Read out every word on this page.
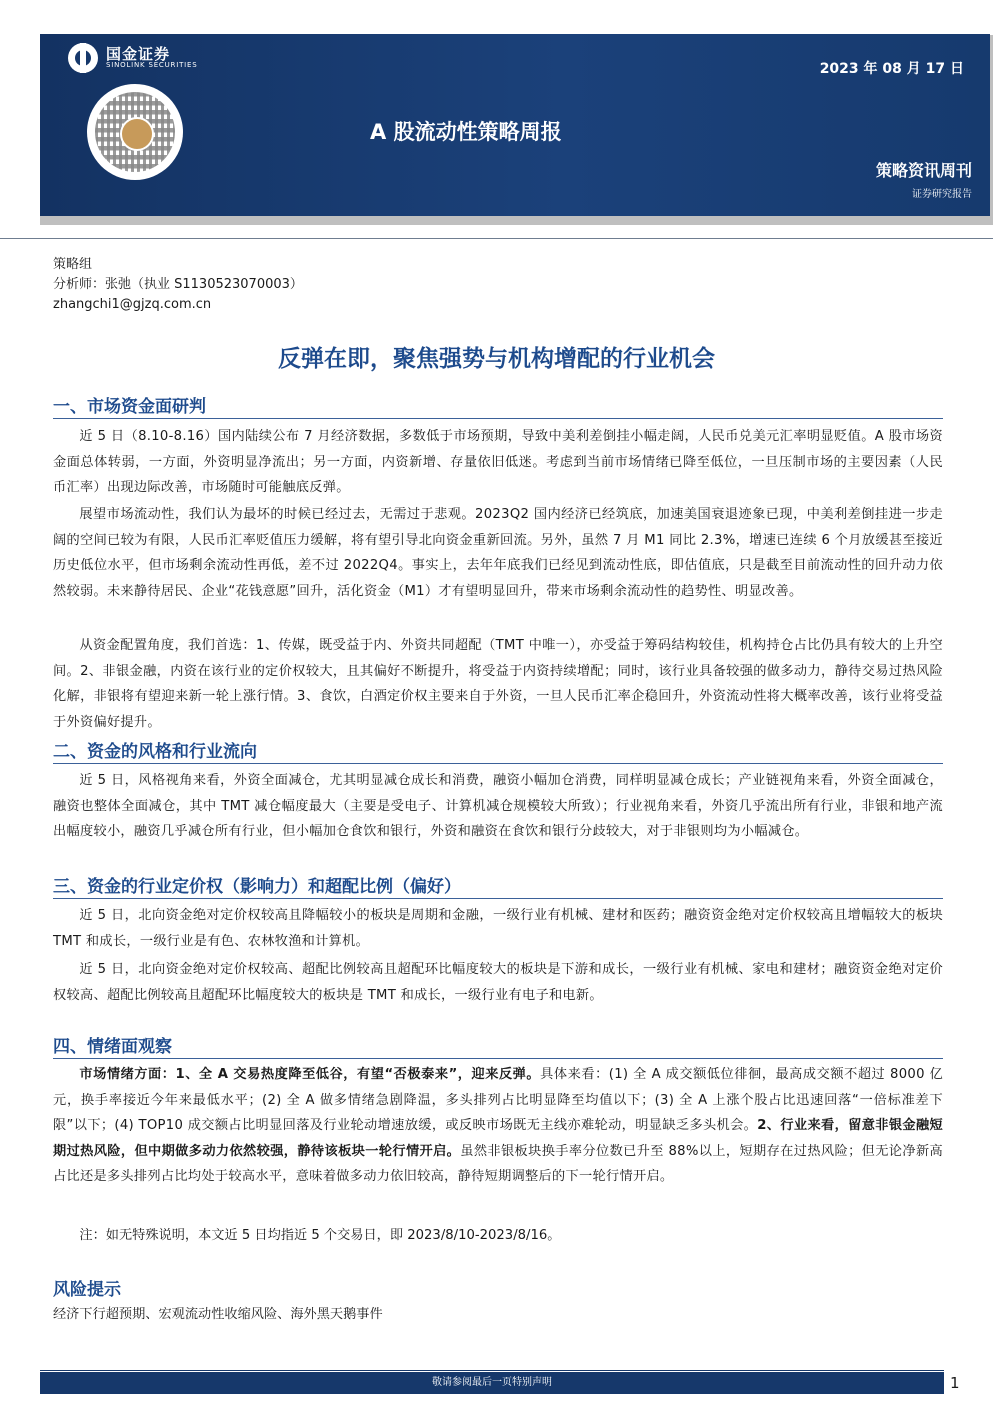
国金证券
SINOLINK SECURITIES	2023 年 08 月 17 日
A 股流动性策略周报
策略资讯周刊
证券研究报告
策略组
分析师：张弛（执业 S1130523070003）
zhangchi1@gjzq.com.cn
反弹在即，聚焦强势与机构增配的行业机会
一、市场资金面研判

近 5 日（8.10-8.16）国内陆续公布 7 月经济数据，多数低于市场预期，导致中美利差倒挂小幅走阔，人民币兑美元汇率明显贬值。A 股市场资金面总体转弱，一方面，外资明显净流出；另一方面，内资新增、存量依旧低迷。考虑到当前市场情绪已降至低位，一旦压制市场的主要因素（人民币汇率）出现边际改善，市场随时可能触底反弹。

展望市场流动性，我们认为最坏的时候已经过去，无需过于悲观。2023Q2 国内经济已经筑底，加速美国衰退迹象已现，中美利差倒挂进一步走阔的空间已较为有限，人民币汇率贬值压力缓解，将有望引导北向资金重新回流。另外，虽然 7 月 M1 同比 2.3%，增速已连续 6 个月放缓甚至接近历史低位水平，但市场剩余流动性再低，差不过 2022Q4。事实上，去年年底我们已经见到流动性底，即估值底，只是截至目前流动性的回升动力依然较弱。未来静待居民、企业“花钱意愿”回升，活化资金（M1）才有望明显回升，带来市场剩余流动性的趋势性、明显改善。

从资金配置角度，我们首选：1、传媒，既受益于内、外资共同超配（TMT 中唯一），亦受益于筹码结构较佳，机构持仓占比仍具有较大的上升空间。2、非银金融，内资在该行业的定价权较大，且其偏好不断提升，将受益于内资持续增配；同时，该行业具备较强的做多动力，静待交易过热风险化解，非银将有望迎来新一轮上涨行情。3、食饮，白酒定价权主要来自于外资，一旦人民币汇率企稳回升，外资流动性将大概率改善，该行业将受益于外资偏好提升。

二、资金的风格和行业流向

近 5 日，风格视角来看，外资全面减仓，尤其明显减仓成长和消费，融资小幅加仓消费，同样明显减仓成长；产业链视角来看，外资全面减仓，融资也整体全面减仓，其中 TMT 减仓幅度最大（主要是受电子、计算机减仓规模较大所致）；行业视角来看，外资几乎流出所有行业，非银和地产流出幅度较小，融资几乎减仓所有行业，但小幅加仓食饮和银行，外资和融资在食饮和银行分歧较大，对于非银则均为小幅减仓。

三、资金的行业定价权（影响力）和超配比例（偏好）

近 5 日，北向资金绝对定价权较高且降幅较小的板块是周期和金融，一级行业有机械、建材和医药；融资资金绝对定价权较高且增幅较大的板块 TMT 和成长，一级行业是有色、农林牧渔和计算机。

近 5 日，北向资金绝对定价权较高、超配比例较高且超配环比幅度较大的板块是下游和成长，一级行业有机械、家电和建材；融资资金绝对定价权较高、超配比例较高且超配环比幅度较大的板块是 TMT 和成长，一级行业有电子和电新。

四、情绪面观察

市场情绪方面：1、全 A 交易热度降至低谷，有望“否极泰来”，迎来反弹。具体来看：(1) 全 A 成交额低位徘徊，最高成交额不超过 8000 亿元，换手率接近今年来最低水平；(2) 全 A 做多情绪急剧降温，多头排列占比明显降至均值以下；(3) 全 A 上涨个股占比迅速回落“一倍标准差下限”以下；(4) TOP10 成交额占比明显回落及行业轮动增速放缓，或反映市场既无主线亦难轮动，明显缺乏多头机会。2、行业来看，留意非银金融短期过热风险，但中期做多动力依然较强，静待该板块一轮行情开启。虽然非银板块换手率分位数已升至 88%以上，短期存在过热风险；但无论净新高占比还是多头排列占比均处于较高水平，意味着做多动力依旧较高，静待短期调整后的下一轮行情开启。

注：如无特殊说明，本文近 5 日均指近 5 个交易日，即 2023/8/10-2023/8/16。
风险提示
经济下行超预期、宏观流动性收缩风险、海外黑天鹅事件
敬请参阅最后一页特别声明	1
